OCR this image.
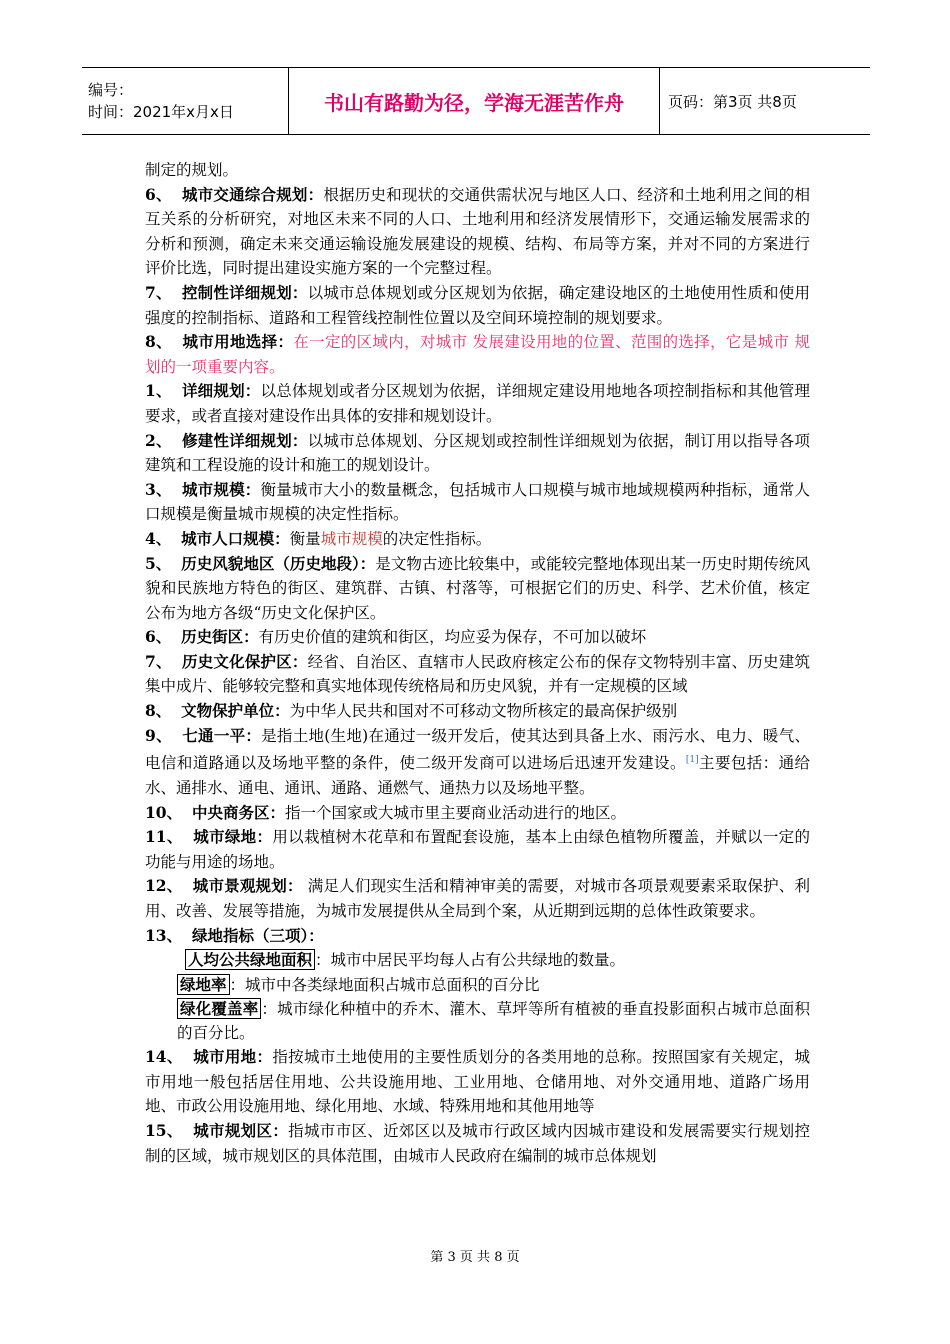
编号：
时间：2021年x月x日	书山有路勤为径，学海无涯苦作舟	页码：第3页 共8页

制定的规划。

6、 城市交通综合规划：根据历史和现状的交通供需状况与地区人口、经济和土地利用之间的相互关系的分析研究，对地区未来不同的人口、土地利用和经济发展情形下，交通运输发展需求的分析和预测，确定未来交通运输设施发展建设的规模、结构、布局等方案，并对不同的方案进行评价比选，同时提出建设实施方案的一个完整过程。

7、 控制性详细规划：以城市总体规划或分区规划为依据，确定建设地区的土地使用性质和使用强度的控制指标、道路和工程管线控制性位置以及空间环境控制的规划要求。

8、 城市用地选择：在一定的区域内，对城市 发展建设用地的位置、范围的选择，它是城市 规划的一项重要内容。

1、 详细规划：以总体规划或者分区规划为依据，详细规定建设用地地各项控制指标和其他管理要求，或者直接对建设作出具体的安排和规划设计。

2、 修建性详细规划：以城市总体规划、分区规划或控制性详细规划为依据，制订用以指导各项建筑和工程设施的设计和施工的规划设计。

3、 城市规模：衡量城市大小的数量概念，包括城市人口规模与城市地域规模两种指标，通常人口规模是衡量城市规模的决定性指标。

4、 城市人口规模：衡量城市规模的决定性指标。

5、 历史风貌地区（历史地段）：是文物古迹比较集中，或能较完整地体现出某一历史时期传统风貌和民族地方特色的街区、建筑群、古镇、村落等，可根据它们的历史、科学、艺术价值，核定公布为地方各级“历史文化保护区。

6、 历史街区：有历史价值的建筑和街区，均应妥为保存，不可加以破坏

7、 历史文化保护区：经省、自治区、直辖市人民政府核定公布的保存文物特别丰富、历史建筑集中成片、能够较完整和真实地体现传统格局和历史风貌，并有一定规模的区域

8、 文物保护单位：为中华人民共和国对不可移动文物所核定的最高保护级别

9、 七通一平：是指土地(生地)在通过一级开发后，使其达到具备上水、雨污水、电力、暖气、电信和道路通以及场地平整的条件，使二级开发商可以进场后迅速开发建设。[1]主要包括：通给水、通排水、通电、通讯、通路、通燃气、通热力以及场地平整。

10、 中央商务区：指一个国家或大城市里主要商业活动进行的地区。

11、 城市绿地：用以栽植树木花草和布置配套设施，基本上由绿色植物所覆盖，并赋以一定的功能与用途的场地。

12、 城市景观规划： 满足人们现实生活和精神审美的需要，对城市各项景观要素采取保护、利用、改善、发展等措施，为城市发展提供从全局到个案，从近期到远期的总体性政策要求。

13、 绿地指标（三项）：

人均公共绿地面积 ：城市中居民平均每人占有公共绿地的数量。

绿地率 ：城市中各类绿地面积占城市总面积的百分比

绿化覆盖率 ：城市绿化种植中的乔木、灌木、草坪等所有植被的垂直投影面积占城市总面积的百分比。

14、 城市用地：指按城市土地使用的主要性质划分的各类用地的总称。按照国家有关规定，城市用地一般包括居住用地、公共设施用地、工业用地、仓储用地、对外交通用地、道路广场用地、市政公用设施用地、绿化用地、水域、特殊用地和其他用地等

15、 城市规划区：指城市市区、近郊区以及城市行政区域内因城市建设和发展需要实行规划控制的区域，城市规划区的具体范围，由城市人民政府在编制的城市总体规划

第 3 页 共 8 页
